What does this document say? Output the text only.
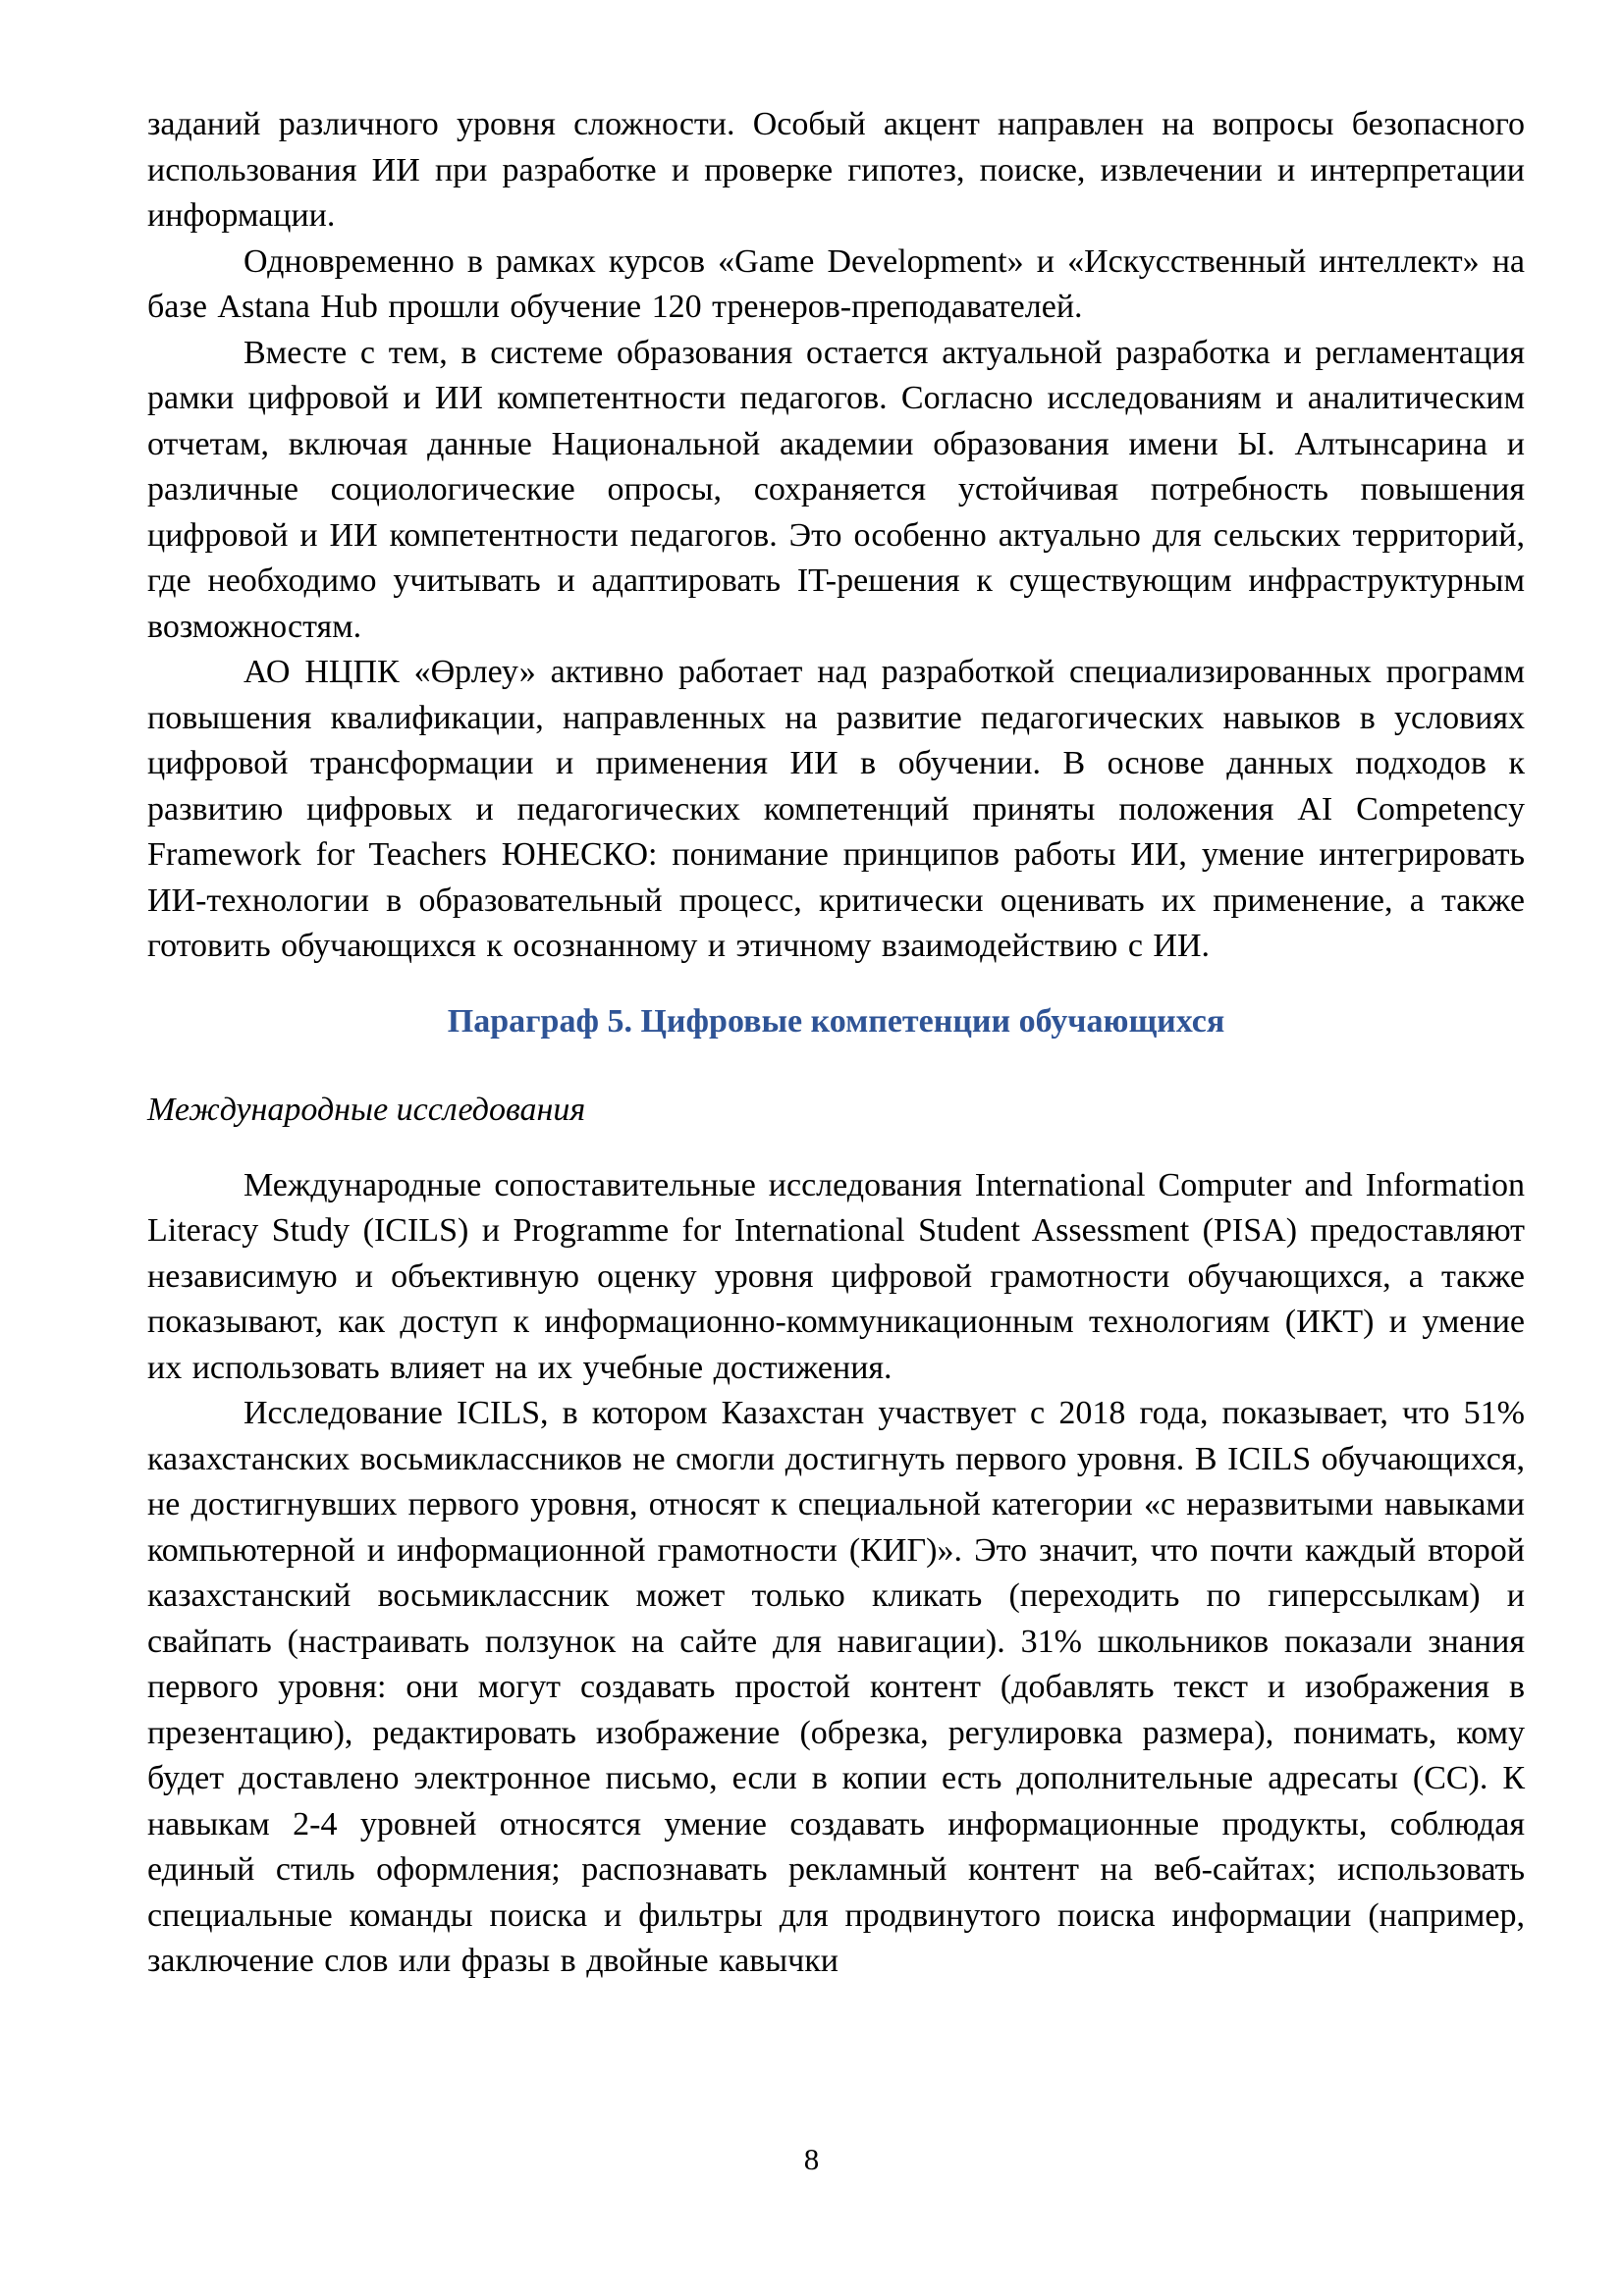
заданий различного уровня сложности. Особый акцент направлен на вопросы безопасного использования ИИ при разработке и проверке гипотез, поиске, извлечении и интерпретации информации.

Одновременно в рамках курсов «Game Development» и «Искусственный интеллект» на базе Astana Hub прошли обучение 120 тренеров-преподавателей.

Вместе с тем, в системе образования остается актуальной разработка и регламентация рамки цифровой и ИИ компетентности педагогов. Согласно исследованиям и аналитическим отчетам, включая данные Национальной академии образования имени Ы. Алтынсарина и различные социологические опросы, сохраняется устойчивая потребность повышения цифровой и ИИ компетентности педагогов. Это особенно актуально для сельских территорий, где необходимо учитывать и адаптировать IT-решения к существующим инфраструктурным возможностям.

АО НЦПК «Өрлеу» активно работает над разработкой специализированных программ повышения квалификации, направленных на развитие педагогических навыков в условиях цифровой трансформации и применения ИИ в обучении. В основе данных подходов к развитию цифровых и педагогических компетенций приняты положения AI Competency Framework for Teachers ЮНЕСКО: понимание принципов работы ИИ, умение интегрировать ИИ-технологии в образовательный процесс, критически оценивать их применение, а также готовить обучающихся к осознанному и этичному взаимодействию с ИИ.

Параграф 5. Цифровые компетенции обучающихся

Международные исследования

Международные сопоставительные исследования International Computer and Information Literacy Study (ICILS) и Programme for International Student Assessment (PISA) предоставляют независимую и объективную оценку уровня цифровой грамотности обучающихся, а также показывают, как доступ к информационно-коммуникационным технологиям (ИКТ) и умение их использовать влияет на их учебные достижения.

Исследование ICILS, в котором Казахстан участвует с 2018 года, показывает, что 51% казахстанских восьмиклассников не смогли достигнуть первого уровня. В ICILS обучающихся, не достигнувших первого уровня, относят к специальной категории «с неразвитыми навыками компьютерной и информационной грамотности (КИГ)». Это значит, что почти каждый второй казахстанский восьмиклассник может только кликать (переходить по гиперссылкам) и свайпать (настраивать ползунок на сайте для навигации). 31% школьников показали знания первого уровня: они могут создавать простой контент (добавлять текст и изображения в презентацию), редактировать изображение (обрезка, регулировка размера), понимать, кому будет доставлено электронное письмо, если в копии есть дополнительные адресаты (CC). К навыкам 2-4 уровней относятся умение создавать информационные продукты, соблюдая единый стиль оформления; распознавать рекламный контент на веб-сайтах; использовать специальные команды поиска и фильтры для продвинутого поиска информации (например, заключение слов или фразы в двойные кавычки

8
